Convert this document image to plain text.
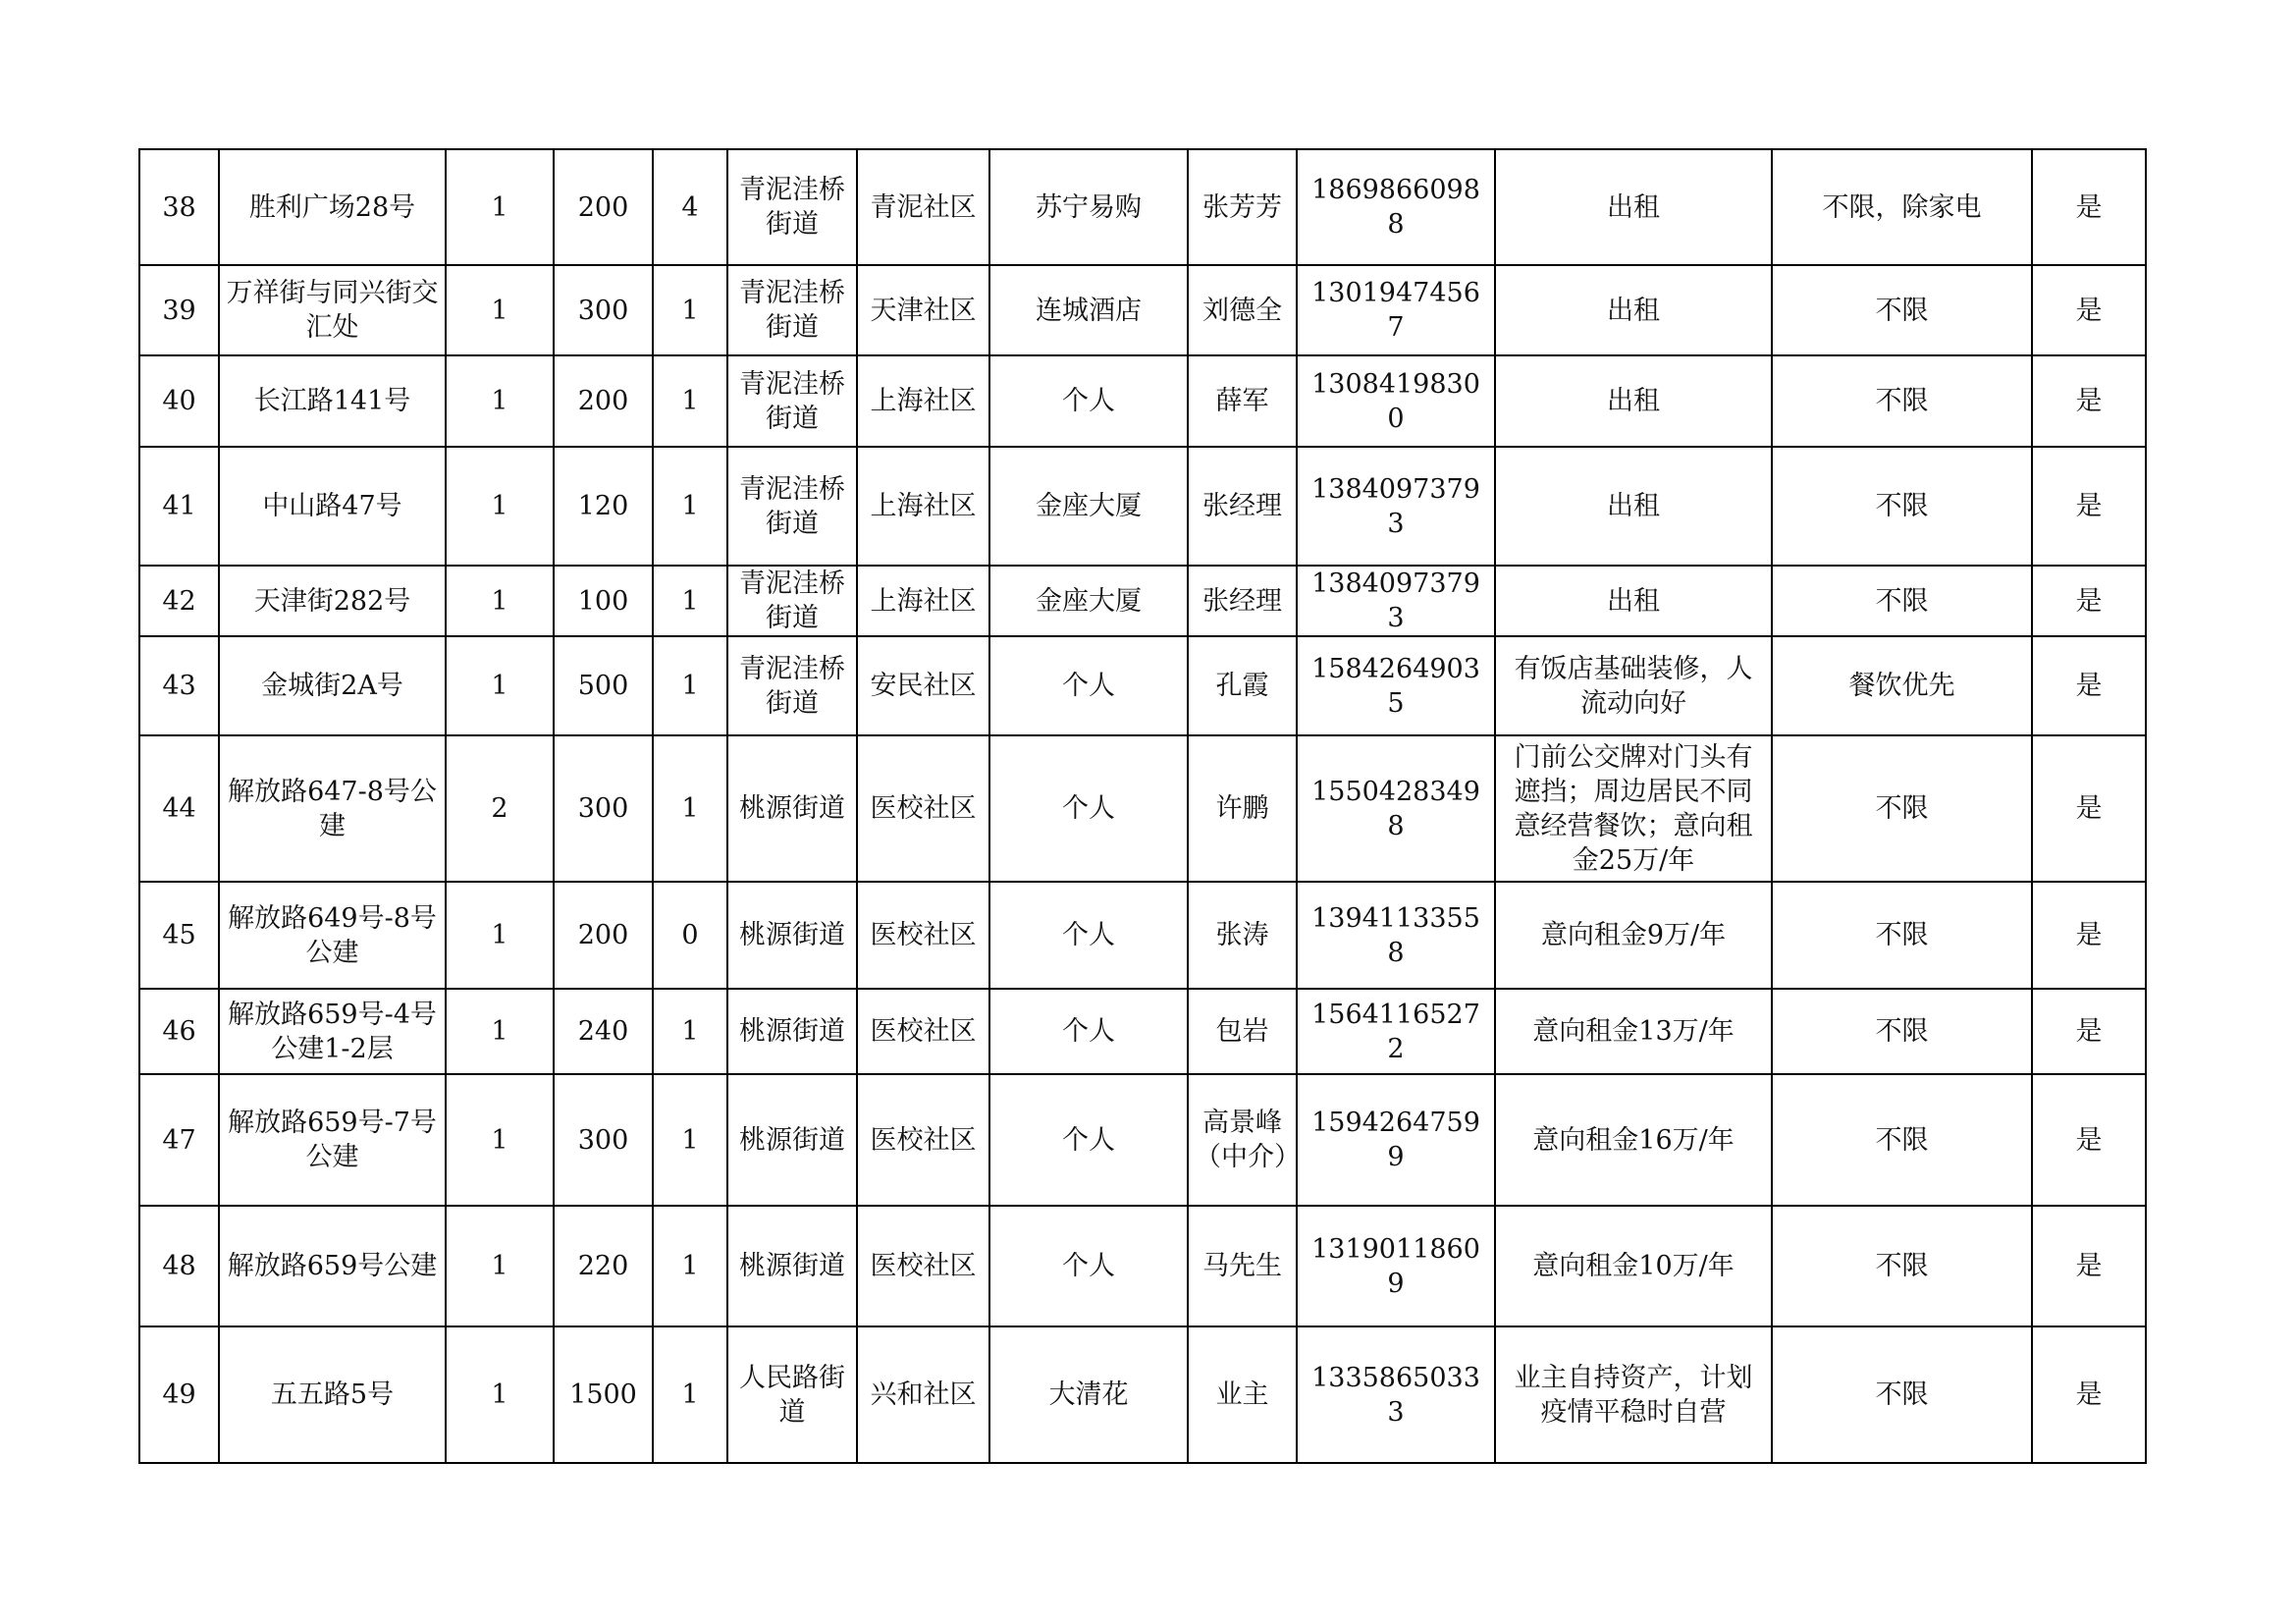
38	胜利广场28号	1	200	4	青泥洼桥街道	青泥社区	苏宁易购	张芳芳	18698660988	出租	不限，除家电	是
39	万祥街与同兴街交汇处	1	300	1	青泥洼桥街道	天津社区	连城酒店	刘德全	13019474567	出租	不限	是
40	长江路141号	1	200	1	青泥洼桥街道	上海社区	个人	薛军	13084198300	出租	不限	是
41	中山路47号	1	120	1	青泥洼桥街道	上海社区	金座大厦	张经理	13840973793	出租	不限	是
42	天津街282号	1	100	1	青泥洼桥街道	上海社区	金座大厦	张经理	13840973793	出租	不限	是
43	金城街2A号	1	500	1	青泥洼桥街道	安民社区	个人	孔霞	15842649035	有饭店基础装修，人流动向好	餐饮优先	是
44	解放路647-8号公建	2	300	1	桃源街道	医校社区	个人	许鹏	15504283498	门前公交牌对门头有遮挡；周边居民不同意经营餐饮；意向租金25万/年	不限	是
45	解放路649号-8号公建	1	200	0	桃源街道	医校社区	个人	张涛	13941133558	意向租金9万/年	不限	是
46	解放路659号-4号公建1-2层	1	240	1	桃源街道	医校社区	个人	包岩	15641165272	意向租金13万/年	不限	是
47	解放路659号-7号公建	1	300	1	桃源街道	医校社区	个人	高景峰（中介）	15942647599	意向租金16万/年	不限	是
48	解放路659号公建	1	220	1	桃源街道	医校社区	个人	马先生	13190118609	意向租金10万/年	不限	是
49	五五路5号	1	1500	1	人民路街道	兴和社区	大清花	业主	13358650333	业主自持资产，计划疫情平稳时自营	不限	是
